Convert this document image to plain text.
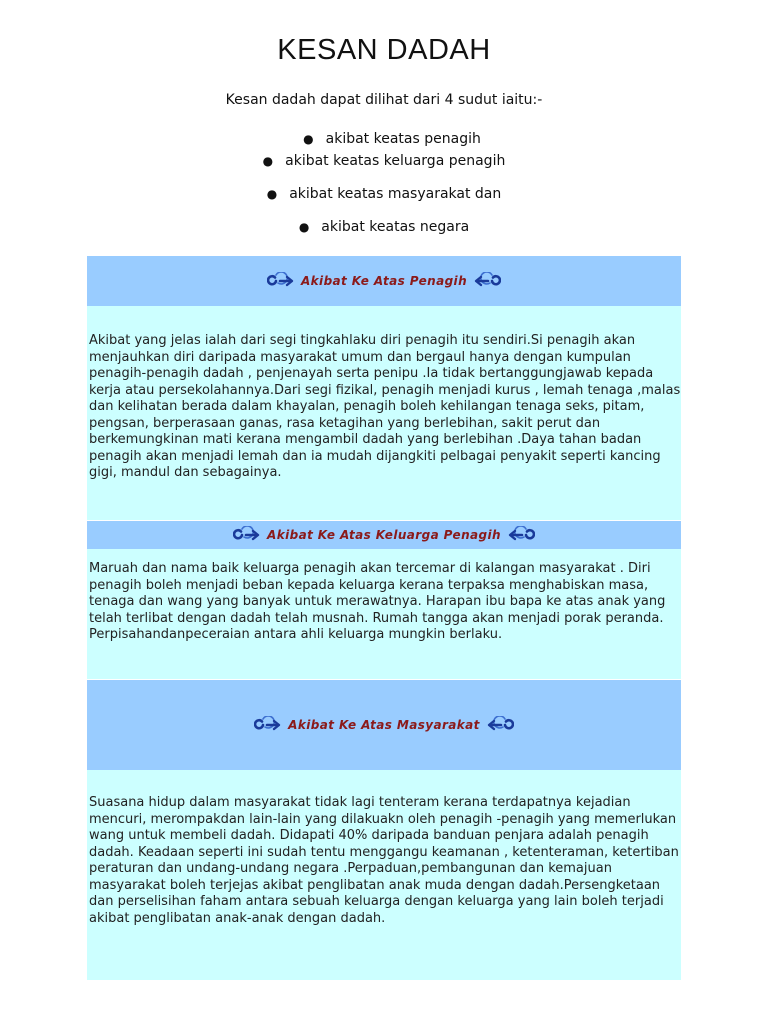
KESAN DADAH
Kesan dadah dapat dilihat dari 4 sudut iaitu:-
● akibat keatas penagih
● akibat keatas keluarga penagih
● akibat keatas masyarakat dan
● akibat keatas negara
Akibat Ke Atas Penagih

Akibat yang jelas ialah dari segi tingkahlaku diri penagih itu sendiri.Si penagih akan menjauhkan diri daripada masyarakat umum dan bergaul hanya dengan kumpulan penagih-penagih dadah , penjenayah serta penipu .Ia tidak bertanggungjawab kepada kerja atau persekolahannya.Dari segi fizikal, penagih menjadi kurus , lemah tenaga ,malas dan kelihatan berada dalam khayalan, penagih boleh kehilangan tenaga seks, pitam, pengsan, berperasaan ganas, rasa ketagihan yang berlebihan, sakit perut dan berkemungkinan mati kerana mengambil dadah yang berlebihan .Daya tahan badan penagih akan menjadi lemah dan ia mudah dijangkiti pelbagai penyakit seperti kancing gigi, mandul dan sebagainya.

Akibat Ke Atas Keluarga Penagih

Maruah dan nama baik keluarga penagih akan tercemar di kalangan masyarakat . Diri penagih boleh menjadi beban kepada keluarga kerana terpaksa menghabiskan masa, tenaga dan wang yang banyak untuk merawatnya. Harapan ibu bapa ke atas anak yang telah terlibat dengan dadah telah musnah. Rumah tangga akan menjadi porak peranda. Perpisahandanpeceraian antara ahli keluarga mungkin berlaku.

Akibat Ke Atas Masyarakat

Suasana hidup dalam masyarakat tidak lagi tenteram kerana terdapatnya kejadian mencuri, merompakdan lain-lain yang dilakuakn oleh penagih -penagih yang memerlukan wang untuk membeli dadah. Didapati 40% daripada banduan penjara adalah penagih dadah. Keadaan seperti ini sudah tentu menggangu keamanan , ketenteraman, ketertiban peraturan dan undang-undang negara .Perpaduan,pembangunan dan kemajuan masyarakat boleh terjejas akibat penglibatan anak muda dengan dadah.Persengketaan dan perselisihan faham antara sebuah keluarga dengan keluarga yang lain boleh terjadi akibat penglibatan anak-anak dengan dadah.
